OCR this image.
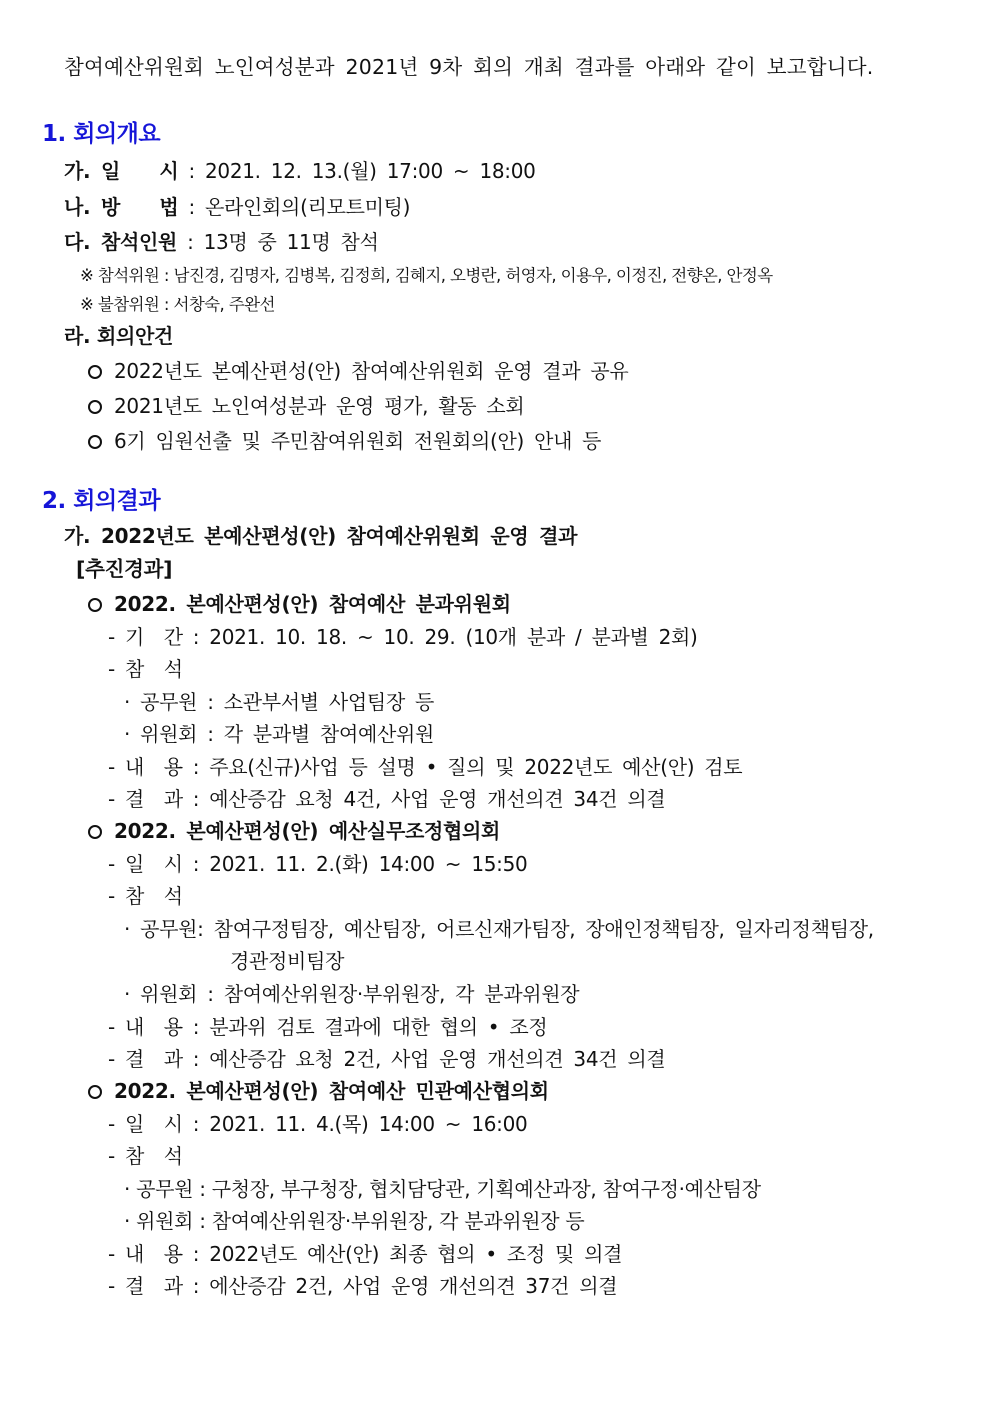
참여예산위원회 노인여성분과 2021년 9차 회의 개최 결과를 아래와 같이 보고합니다.
1. 회의개요
가. 일　　시 : 2021. 12. 13.(월) 17:00 ~ 18:00
나. 방　　법 : 온라인회의(리모트미팅)
다. 참석인원 : 13명 중 11명 참석
※ 참석위원 : 남진경, 김명자, 김병복, 김정희, 김혜지, 오병란, 허영자, 이용우, 이정진, 전향온, 안정옥
※ 불참위원 : 서창숙, 주완선
라. 회의안건
2022년도 본예산편성(안) 참여예산위원회 운영 결과 공유
2021년도 노인여성분과 운영 평가, 활동 소회
6기 임원선출 및 주민참여위원회 전원회의(안) 안내 등
2. 회의결과
가. 2022년도 본예산편성(안) 참여예산위원회 운영 결과
[추진경과]
2022. 본예산편성(안) 참여예산 분과위원회
- 기　간 : 2021. 10. 18. ~ 10. 29. (10개 분과 / 분과별 2회)
- 참　석
· 공무원 : 소관부서별 사업팀장 등
· 위원회 : 각 분과별 참여예산위원
- 내　용 : 주요(신규)사업 등 설명 • 질의 및 2022년도 예산(안) 검토
- 결　과 : 예산증감 요청 4건, 사업 운영 개선의견 34건 의결
2022. 본예산편성(안) 예산실무조정협의회
- 일　시 : 2021. 11. 2.(화) 14:00 ~ 15:50
- 참　석
· 공무원: 참여구정팀장, 예산팀장, 어르신재가팀장, 장애인정책팀장, 일자리정책팀장,
경관정비팀장
· 위원회 : 참여예산위원장·부위원장, 각 분과위원장
- 내　용 : 분과위 검토 결과에 대한 협의 • 조정
- 결　과 : 예산증감 요청 2건, 사업 운영 개선의견 34건 의결
2022. 본예산편성(안) 참여예산 민관예산협의회
- 일　시 : 2021. 11. 4.(목) 14:00 ~ 16:00
- 참　석
· 공무원 : 구청장, 부구청장, 협치담당관, 기획예산과장, 참여구정·예산팀장
· 위원회 : 참여예산위원장·부위원장, 각 분과위원장 등
- 내　용 : 2022년도 예산(안) 최종 협의 • 조정 및 의결
- 결　과 : 에산증감 2건, 사업 운영 개선의견 37건 의결
